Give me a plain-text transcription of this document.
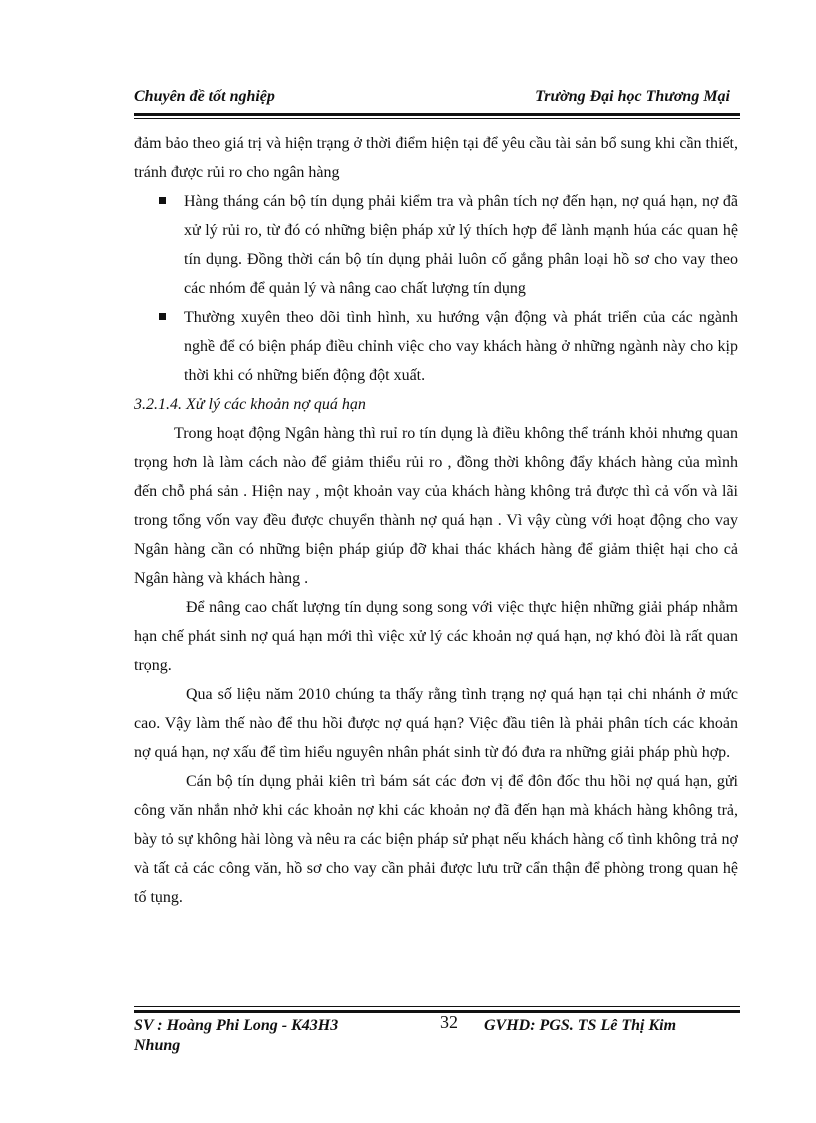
Chuyên đề tốt nghiệp	Trường Đại học Thương Mại

đảm bảo theo giá trị và hiện trạng ở thời điểm hiện tại để yêu cầu tài sản bổ sung khi cần thiết, tránh được rủi ro cho ngân hàng

Hàng tháng cán bộ tín dụng phải kiểm tra và phân tích nợ đến hạn, nợ quá hạn, nợ đã xử lý rủi ro, từ đó có những biện pháp xử lý thích hợp để lành mạnh húa các quan hệ tín dụng. Đồng thời cán bộ tín dụng phải luôn cố gắng phân loại hồ sơ cho vay theo các nhóm để quản lý và nâng cao chất lượng tín dụng

Thường xuyên theo dõi tình hình, xu hướng vận động và phát triển của các ngành nghề để có biện pháp điều chỉnh việc cho vay khách hàng ở những ngành này cho kịp thời khi có những biến động đột xuất.

3.2.1.4. Xử lý các khoản nợ quá hạn

Trong hoạt động Ngân hàng thì ruỉ ro tín dụng là điều không thể tránh khỏi nhưng quan trọng hơn là làm cách nào để giảm thiểu rủi ro , đồng thời không đẩy khách hàng của mình đến chỗ phá sản . Hiện nay , một khoản vay của khách hàng không trả được thì cả vốn và lãi trong tổng vốn vay đều được chuyển thành nợ quá hạn . Vì vậy cùng với hoạt động cho vay Ngân hàng cần có những biện pháp giúp đỡ khai thác khách hàng để giảm thiệt hại cho cả Ngân hàng và khách hàng .

Để nâng cao chất lượng tín dụng song song với việc thực hiện những giải pháp nhằm hạn chế phát sinh nợ quá hạn mới thì việc xử lý các khoản nợ quá hạn, nợ khó đòi là rất quan trọng.

Qua số liệu năm 2010 chúng ta thấy rằng tình trạng nợ quá hạn tại chi nhánh ở mức cao. Vậy làm thế nào để thu hồi được nợ quá hạn? Việc đầu tiên là phải phân tích các khoản nợ quá hạn, nợ xấu để tìm hiểu nguyên nhân phát sinh từ đó đưa ra những giải pháp phù hợp.

Cán bộ tín dụng phải kiên trì bám sát các đơn vị để đôn đốc thu hồi nợ quá hạn, gửi công văn nhắn nhở khi các khoản nợ khi các khoản nợ đã đến hạn mà khách hàng không trả, bày tỏ sự không hài lòng và nêu ra các biện pháp sử phạt nếu khách hàng cố tình không trả nợ và tất cả các công văn, hồ sơ cho vay cần phải được lưu trữ cẩn thận để phòng trong quan hệ tố tụng.

SV : Hoàng Phi Long - K43H3	32 GVHD: PGS. TS Lê Thị Kim
Nhung
